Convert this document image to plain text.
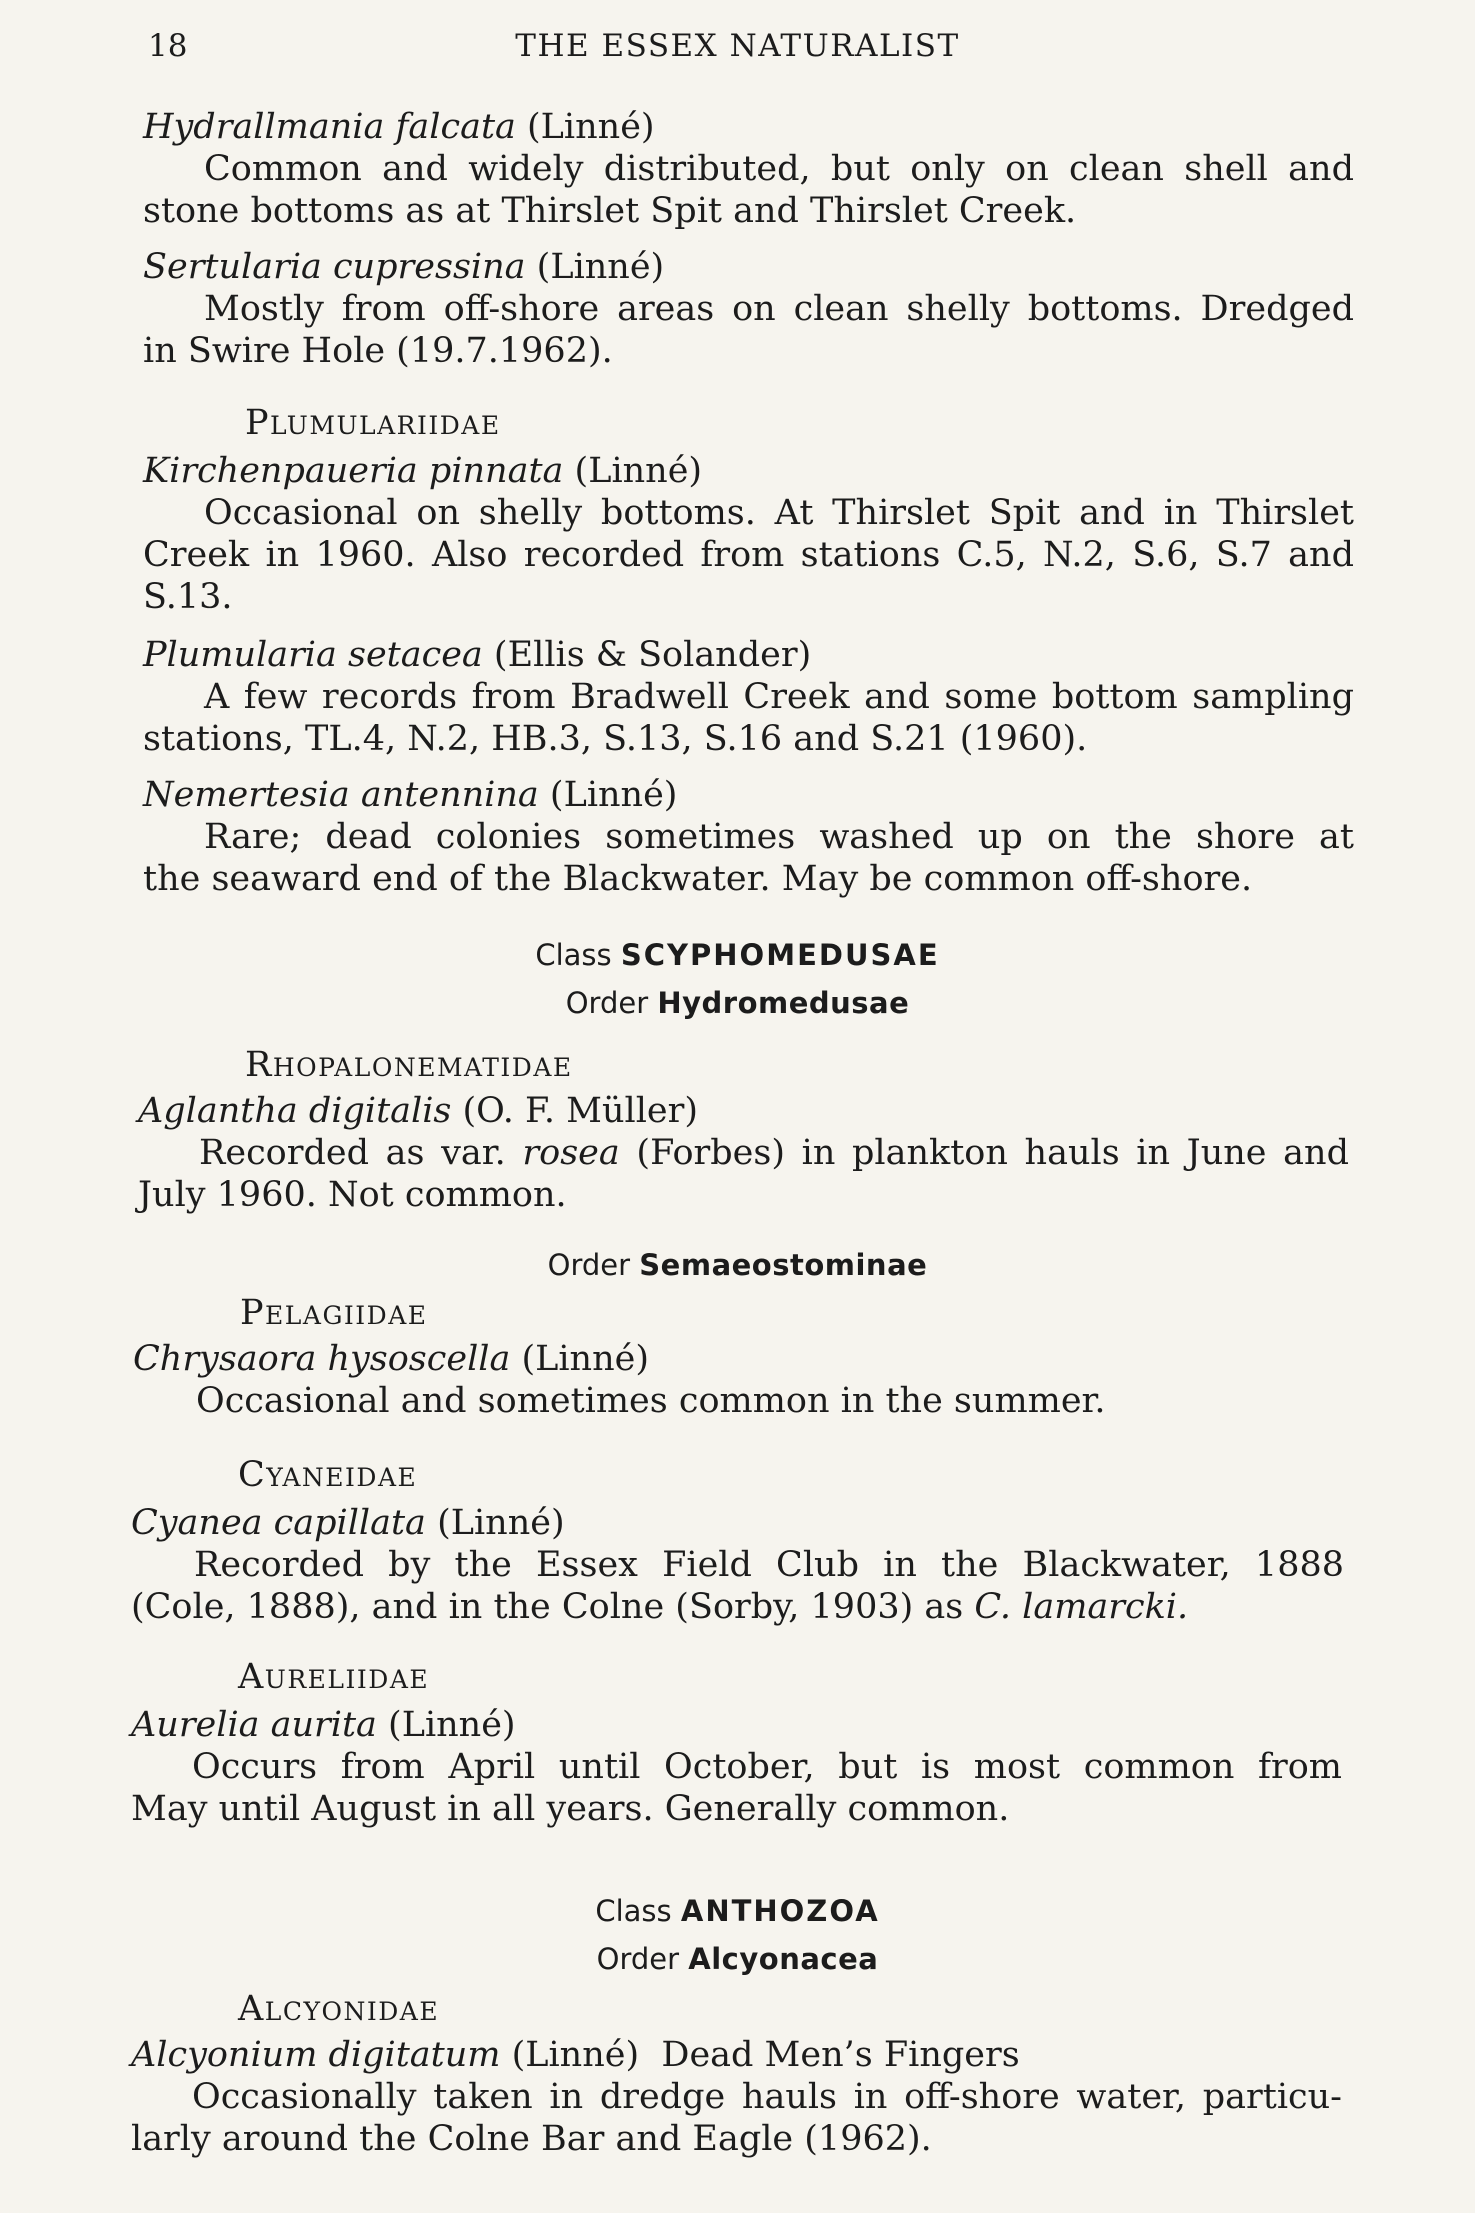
18	THE ESSEX NATURALIST
Hydrallmania falcata (Linné)
Common and widely distributed, but only on clean shell and
stone bottoms as at Thirslet Spit and Thirslet Creek.
Sertularia cupressina (Linné)
Mostly from off-shore areas on clean shelly bottoms. Dredged
in Swire Hole (19.7.1962).
Plumulariidae
Kirchenpaueria pinnata (Linné)
Occasional on shelly bottoms. At Thirslet Spit and in Thirslet
Creek in 1960. Also recorded from stations C.5, N.2, S.6, S.7 and
S.13.
Plumularia setacea (Ellis & Solander)
A few records from Bradwell Creek and some bottom sampling
stations, TL.4, N.2, HB.3, S.13, S.16 and S.21 (1960).
Nemertesia antennina (Linné)
Rare; dead colonies sometimes washed up on the shore at
the seaward end of the Blackwater. May be common off-shore.
Class SCYPHOMEDUSAE
Order Hydromedusae
Rhopalonematidae
Aglantha digitalis (O. F. Müller)
Recorded as var. rosea (Forbes) in plankton hauls in June and
July 1960. Not common.
Order Semaeostominae
Pelagiidae
Chrysaora hysoscella (Linné)
Occasional and sometimes common in the summer.
Cyaneidae
Cyanea capillata (Linné)
Recorded by the Essex Field Club in the Blackwater, 1888
(Cole, 1888), and in the Colne (Sorby, 1903) as C. lamarcki.
Aureliidae
Aurelia aurita (Linné)
Occurs from April until October, but is most common from
May until August in all years. Generally common.
Class ANTHOZOA
Order Alcyonacea
Alcyonidae
Alcyonium digitatum (Linné) Dead Men’s Fingers
Occasionally taken in dredge hauls in off-shore water, particu-
larly around the Colne Bar and Eagle (1962).
